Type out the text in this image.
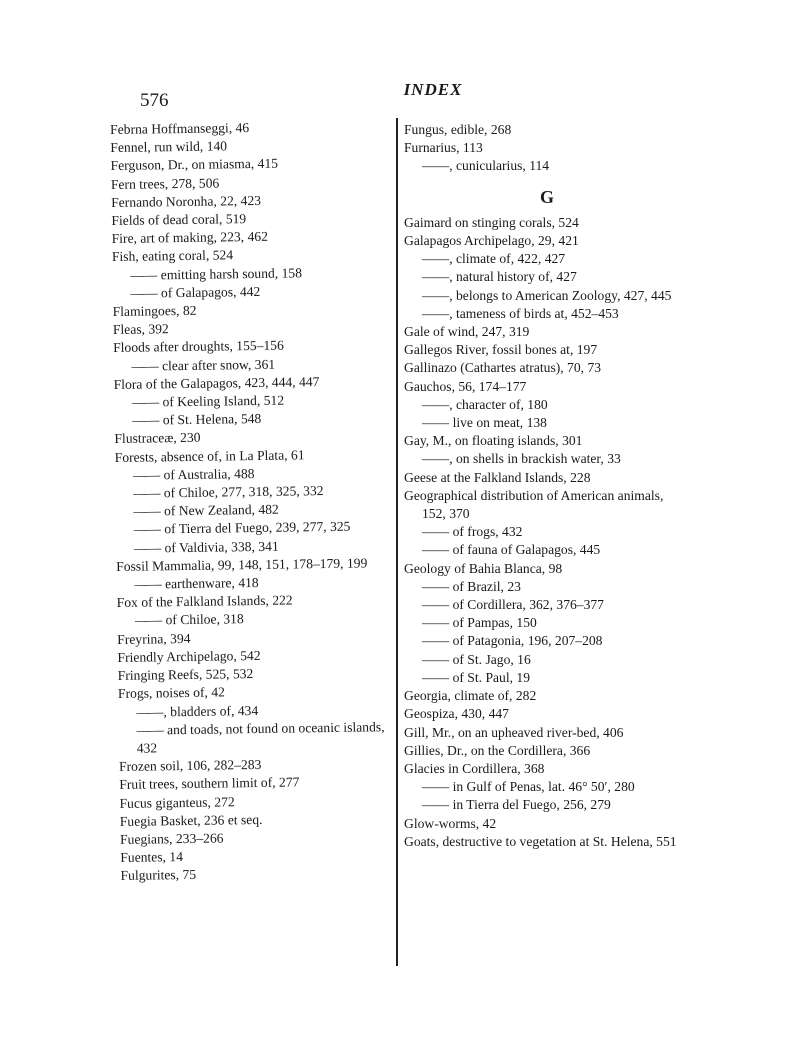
576
INDEX
Febrna Hoffmanseggi, 46
Fennel, run wild, 140
Ferguson, Dr., on miasma, 415
Fern trees, 278, 506
Fernando Noronha, 22, 423
Fields of dead coral, 519
Fire, art of making, 223, 462
Fish, eating coral, 524
—— emitting harsh sound, 158
—— of Galapagos, 442
Flamingoes, 82
Fleas, 392
Floods after droughts, 155–156
—— clear after snow, 361
Flora of the Galapagos, 423, 444, 447
—— of Keeling Island, 512
—— of St. Helena, 548
Flustraceæ, 230
Forests, absence of, in La Plata, 61
—— of Australia, 488
—— of Chiloe, 277, 318, 325, 332
—— of New Zealand, 482
—— of Tierra del Fuego, 239, 277, 325
—— of Valdivia, 338, 341
Fossil Mammalia, 99, 148, 151, 178–179, 199
—— earthenware, 418
Fox of the Falkland Islands, 222
—— of Chiloe, 318
Freyrina, 394
Friendly Archipelago, 542
Fringing Reefs, 525, 532
Frogs, noises of, 42
——, bladders of, 434
—— and toads, not found on oceanic islands, 432
Frozen soil, 106, 282–283
Fruit trees, southern limit of, 277
Fucus giganteus, 272
Fuegia Basket, 236 et seq.
Fuegians, 233–266
Fuentes, 14
Fulgurites, 75
Fungus, edible, 268
Furnarius, 113
——, cunicularius, 114
G
Gaimard on stinging corals, 524
Galapagos Archipelago, 29, 421
——, climate of, 422, 427
——, natural history of, 427
——, belongs to American Zoology, 427, 445
——, tameness of birds at, 452–453
Gale of wind, 247, 319
Gallegos River, fossil bones at, 197
Gallinazo (Cathartes atratus), 70, 73
Gauchos, 56, 174–177
——, character of, 180
—— live on meat, 138
Gay, M., on floating islands, 301
——, on shells in brackish water, 33
Geese at the Falkland Islands, 228
Geographical distribution of American animals, 152, 370
—— of frogs, 432
—— of fauna of Galapagos, 445
Geology of Bahia Blanca, 98
—— of Brazil, 23
—— of Cordillera, 362, 376–377
—— of Pampas, 150
—— of Patagonia, 196, 207–208
—— of St. Jago, 16
—— of St. Paul, 19
Georgia, climate of, 282
Geospiza, 430, 447
Gill, Mr., on an upheaved river-bed, 406
Gillies, Dr., on the Cordillera, 366
Glacies in Cordillera, 368
—— in Gulf of Penas, lat. 46° 50′, 280
—— in Tierra del Fuego, 256, 279
Glow-worms, 42
Goats, destructive to vegetation at St. Helena, 551
